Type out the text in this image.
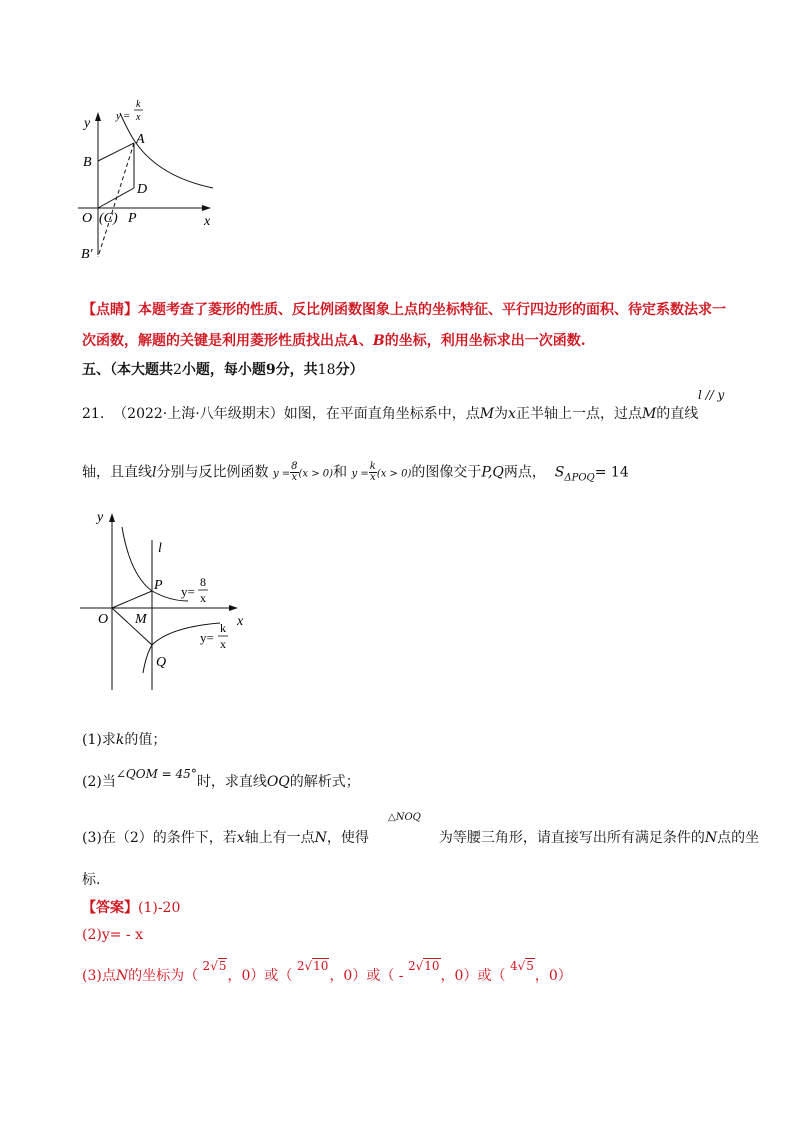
y =
k
x
y
x
A
B
D
O (C) P
B′
【点睛】本题考查了菱形的性质、反比例函数图象上点的坐标特征、平行四边形的面积、待定系数法求一
次函数，解题的关键是利用菱形性质找出点A、B的坐标，利用坐标求出一次函数.
五、（本大题共2小题，每小题9分，共18分）
21. （2022·上海·八年级期末）如图，在平面直角坐标系中，点M为x正半轴上一点，过点M的直线
l // y
轴，且直线l分别与反比例函数 $y = \frac{8}{x} (x > 0)$和 $y = \frac{k}{x} (x > 0)$的图像交于P,Q两点， $S_{\Delta POQ}= 14$
y
x
l
P
O M
Q
y=
8
x
y=
k
x
(1)求k的值；
(2)当∠QOM = 45°时，求直线OQ的解析式；
△NOQ
(3)在（2）的条件下，若x轴上有一点N，使得	为等腰三角形，请直接写出所有满足条件的N点的坐
标.
【答案】(1)-20
(2)y= - x
(3)点N的坐标为（ 2√5，0）或（ 2√10，0）或（ - 2√10，0）或（ 4√5，0）
